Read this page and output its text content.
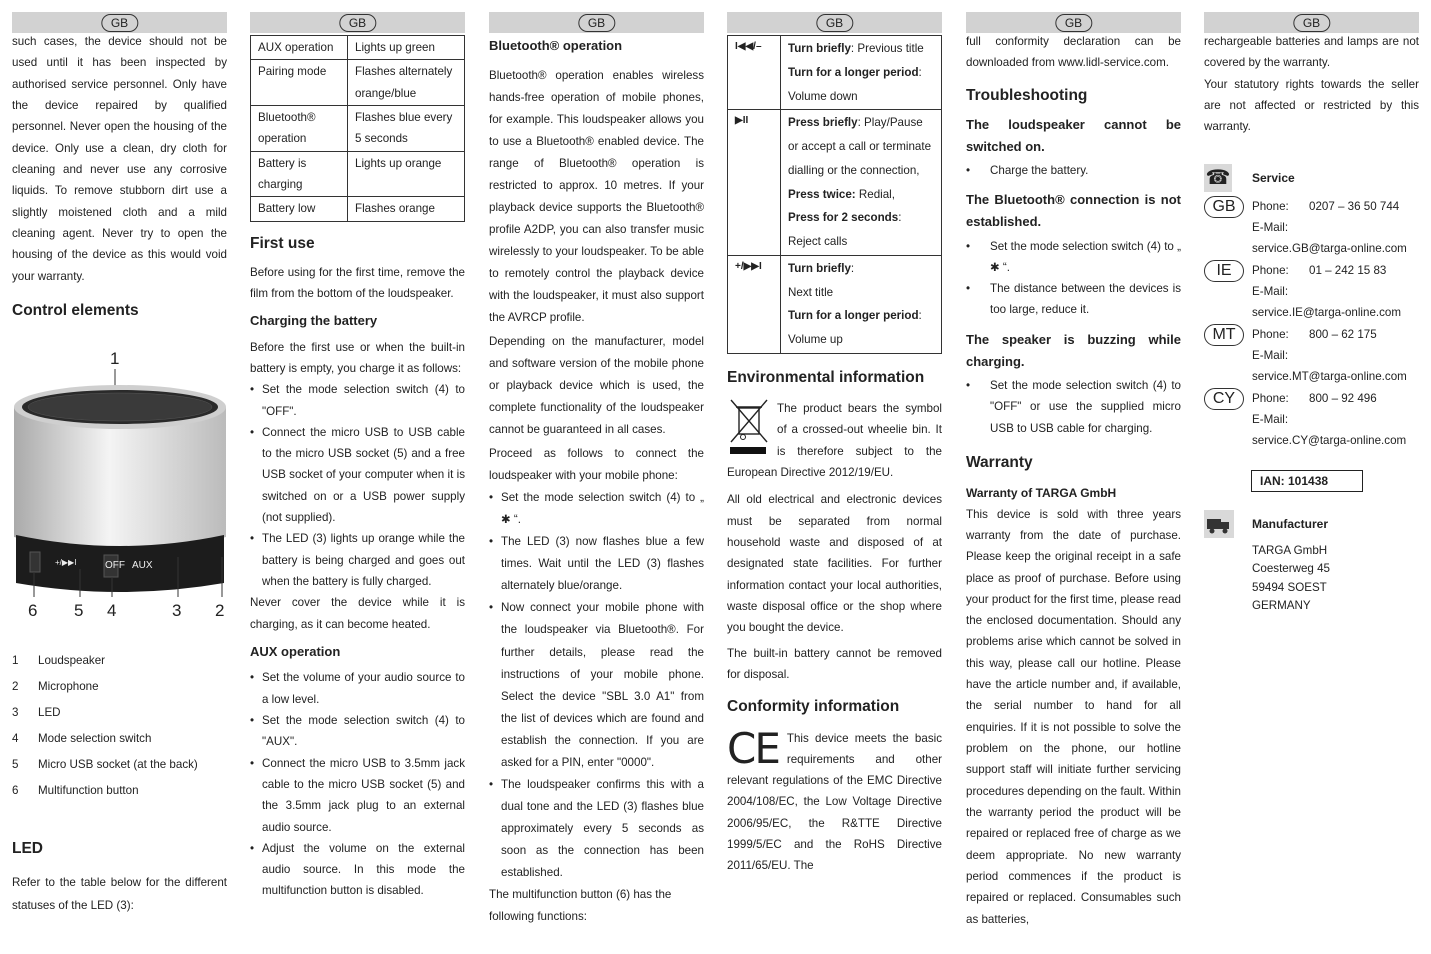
GB

such cases, the device should not be used until it has been inspected by authorised service personnel. Only have the device repaired by qualified personnel. Never open the housing of the device. Only use a clean, dry cloth for cleaning and never use any corrosive liquids. To remove stubborn dirt use a slightly moistened cloth and a mild cleaning agent. Never try to open the housing of the device as this would void your warranty.

Control elements
1
6 5 4	3 2
OFF AUX
+/▶▶I
1	Loudspeaker
2	Microphone
3	LED
4	Mode selection switch
5	Micro USB socket (at the back)
6	Multifunction button
LED

Refer to the table below for the different statuses of the LED (3):

GB
AUX operation	Lights up green
Pairing mode	Flashes alternately orange/blue
Bluetooth® operation	Flashes blue every 5 seconds
Battery is charging	Lights up orange
Battery low	Flashes orange
First use

Before using for the first time, remove the film from the bottom of the loudspeaker.

Charging the battery

Before the first use or when the built-in battery is empty, you charge it as follows:

• Set the mode selection switch (4) to "OFF".
• Connect the micro USB to USB cable to the micro USB socket (5) and a free USB socket of your computer when it is switched on or a USB power supply (not supplied).
• The LED (3) lights up orange while the battery is being charged and goes out when the battery is fully charged.

Never cover the device while it is charging, as it can become heated.

AUX operation
• Set the volume of your audio source to a low level.
• Set the mode selection switch (4) to "AUX".
• Connect the micro USB to 3.5mm jack cable to the micro USB socket (5) and the 3.5mm jack plug to an external audio source.
• Adjust the volume on the external audio source. In this mode the multifunction button is disabled.
GB
Bluetooth® operation

Bluetooth® operation enables wireless hands-free operation of mobile phones, for example. This loudspeaker allows you to use a Bluetooth® enabled device. The range of Bluetooth® operation is restricted to approx. 10 metres. If your playback device supports the Bluetooth® profile A2DP, you can also transfer music wirelessly to your loudspeaker. To be able to remotely control the playback device with the loudspeaker, it must also support the AVRCP profile.

Depending on the manufacturer, model and software version of the mobile phone or playback device which is used, the complete functionality of the loudspeaker cannot be guaranteed in all cases.

Proceed as follows to connect the loudspeaker with your mobile phone:

• Set the mode selection switch (4) to „ ✱ “.
• The LED (3) now flashes blue a few times. Wait until the LED (3) flashes alternately blue/orange.
• Now connect your mobile phone with the loudspeaker via Bluetooth®. For further details, please read the instructions of your mobile phone. Select the device "SBL 3.0 A1" from the list of devices which are found and establish the connection. If you are asked for a PIN, enter "0000".
• The loudspeaker confirms this with a dual tone and the LED (3) flashes blue approximately every 5 seconds as soon as the connection has been established.

The multifunction button (6) has the following functions:

GB
I◀◀/–	Turn briefly: Previous title
Turn for a longer period:
Volume down

▶II	Press briefly: Play/Pause or accept a call or terminate dialling or the connection,
Press twice: Redial,
Press for 2 seconds:
Reject calls

+/▶▶I	Turn briefly:
Next title
Turn for a longer period:
Volume up
Environmental information

The product bears the symbol of a crossed-out wheelie bin. It is therefore subject to the European Directive 2012/19/EU.

All old electrical and electronic devices must be separated from normal household waste and disposed of at designated state facilities. For further information contact your local authorities, waste disposal office or the shop where you bought the device.

The built-in battery cannot be removed for disposal.

Conformity information
CE This device meets the basic requirements and other relevant regulations of the EMC Directive 2004/108/EC, the Low Voltage Directive 2006/95/EC, the R&TTE Directive 1999/5/EC and the RoHS Directive 2011/65/EU. The

GB

full conformity declaration can be downloaded from www.lidl-service.com.

Troubleshooting
The loudspeaker cannot be switched on.
• Charge the battery.
The Bluetooth® connection is not established.
• Set the mode selection switch (4) to „ ✱ “.
• The distance between the devices is too large, reduce it.
The speaker is buzzing while charging.
• Set the mode selection switch (4) to "OFF" or use the supplied micro USB to USB cable for charging.
Warranty
Warranty of TARGA GmbH

This device is sold with three years warranty from the date of purchase. Please keep the original receipt in a safe place as proof of purchase. Before using your product for the first time, please read the enclosed documentation. Should any problems arise which cannot be solved in this way, please call our hotline. Please have the article number and, if available, the serial number to hand for all enquiries. If it is not possible to solve the problem on the phone, our hotline support staff will initiate further servicing procedures depending on the fault. Within the warranty period the product will be repaired or replaced free of charge as we deem appropriate. No new warranty period commences if the product is repaired or replaced. Consumables such as batteries,

GB

rechargeable batteries and lamps are not covered by the warranty.

Your statutory rights towards the seller are not affected or restricted by this warranty.

☎ Service
GB	Phone:	0207 – 36 50 744
E-Mail:
service.GB@targa-online.com
IE	Phone:	01 – 242 15 83
E-Mail:
service.IE@targa-online.com
MT	Phone:	800 – 62 175
E-Mail:
service.MT@targa-online.com
CY	Phone:	800 – 92 496
E-Mail:
service.CY@targa-online.com
IAN: 101438
Manufacturer
TARGA GmbH
Coesterweg 45
59494 SOEST
GERMANY
